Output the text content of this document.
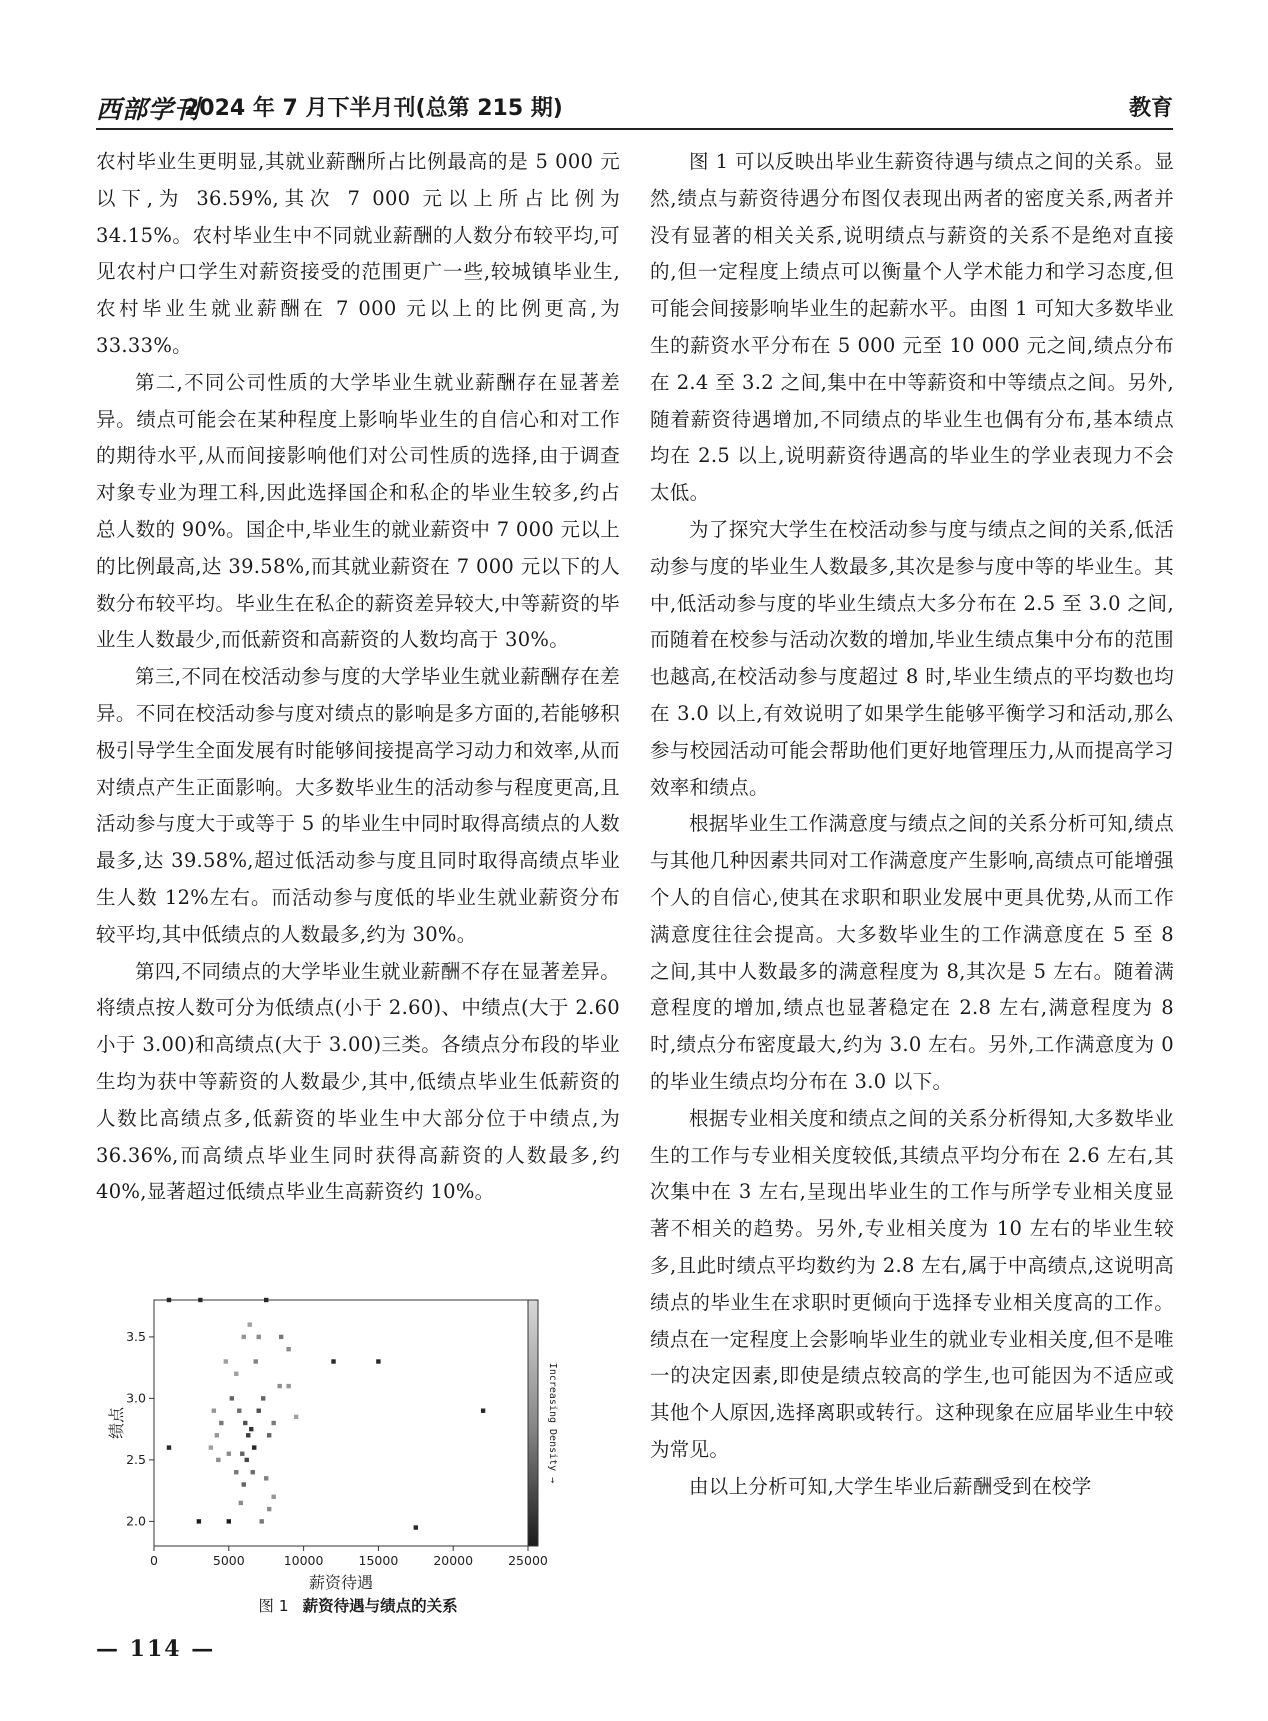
西部学刊
2024 年 7 月下半月刊(总第 215 期)	教育

农村毕业生更明显,其就业薪酬所占比例最高的是 5 000 元以下,为 36.59%,其次 7 000 元以上所占比例为 34.15%。农村毕业生中不同就业薪酬的人数分布较平均,可见农村户口学生对薪资接受的范围更广一些,较城镇毕业生,农村毕业生就业薪酬在 7 000 元以上的比例更高,为 33.33%。

第二,不同公司性质的大学毕业生就业薪酬存在显著差异。绩点可能会在某种程度上影响毕业生的自信心和对工作的期待水平,从而间接影响他们对公司性质的选择,由于调查对象专业为理工科,因此选择国企和私企的毕业生较多,约占总人数的 90%。国企中,毕业生的就业薪资中 7 000 元以上的比例最高,达 39.58%,而其就业薪资在 7 000 元以下的人数分布较平均。毕业生在私企的薪资差异较大,中等薪资的毕业生人数最少,而低薪资和高薪资的人数均高于 30%。

第三,不同在校活动参与度的大学毕业生就业薪酬存在差异。不同在校活动参与度对绩点的影响是多方面的,若能够积极引导学生全面发展有时能够间接提高学习动力和效率,从而对绩点产生正面影响。大多数毕业生的活动参与程度更高,且活动参与度大于或等于 5 的毕业生中同时取得高绩点的人数最多,达 39.58%,超过低活动参与度且同时取得高绩点毕业生人数 12%左右。而活动参与度低的毕业生就业薪资分布较平均,其中低绩点的人数最多,约为 30%。

第四,不同绩点的大学毕业生就业薪酬不存在显著差异。将绩点按人数可分为低绩点(小于 2.60)、中绩点(大于 2.60 小于 3.00)和高绩点(大于 3.00)三类。各绩点分布段的毕业生均为获中等薪资的人数最少,其中,低绩点毕业生低薪资的人数比高绩点多,低薪资的毕业生中大部分位于中绩点,为 36.36%,而高绩点毕业生同时获得高薪资的人数最多,约 40%,显著超过低绩点毕业生高薪资约 10%。

Increasing Density →
0	5000	10000	15000	20000	25000
2.0
2.5
3.0
3.5
薪资待遇
绩点
图 1 薪资待遇与绩点的关系

图 1 可以反映出毕业生薪资待遇与绩点之间的关系。显然,绩点与薪资待遇分布图仅表现出两者的密度关系,两者并没有显著的相关关系,说明绩点与薪资的关系不是绝对直接的,但一定程度上绩点可以衡量个人学术能力和学习态度,但可能会间接影响毕业生的起薪水平。由图 1 可知大多数毕业生的薪资水平分布在 5 000 元至 10 000 元之间,绩点分布在 2.4 至 3.2 之间,集中在中等薪资和中等绩点之间。另外,随着薪资待遇增加,不同绩点的毕业生也偶有分布,基本绩点均在 2.5 以上,说明薪资待遇高的毕业生的学业表现力不会太低。

为了探究大学生在校活动参与度与绩点之间的关系,低活动参与度的毕业生人数最多,其次是参与度中等的毕业生。其中,低活动参与度的毕业生绩点大多分布在 2.5 至 3.0 之间,而随着在校参与活动次数的增加,毕业生绩点集中分布的范围也越高,在校活动参与度超过 8 时,毕业生绩点的平均数也均在 3.0 以上,有效说明了如果学生能够平衡学习和活动,那么参与校园活动可能会帮助他们更好地管理压力,从而提高学习效率和绩点。

根据毕业生工作满意度与绩点之间的关系分析可知,绩点与其他几种因素共同对工作满意度产生影响,高绩点可能增强个人的自信心,使其在求职和职业发展中更具优势,从而工作满意度往往会提高。大多数毕业生的工作满意度在 5 至 8 之间,其中人数最多的满意程度为 8,其次是 5 左右。随着满意程度的增加,绩点也显著稳定在 2.8 左右,满意程度为 8 时,绩点分布密度最大,约为 3.0 左右。另外,工作满意度为 0 的毕业生绩点均分布在 3.0 以下。

根据专业相关度和绩点之间的关系分析得知,大多数毕业生的工作与专业相关度较低,其绩点平均分布在 2.6 左右,其次集中在 3 左右,呈现出毕业生的工作与所学专业相关度显著不相关的趋势。另外,专业相关度为 10 左右的毕业生较多,且此时绩点平均数约为 2.8 左右,属于中高绩点,这说明高绩点的毕业生在求职时更倾向于选择专业相关度高的工作。绩点在一定程度上会影响毕业生的就业专业相关度,但不是唯一的决定因素,即使是绩点较高的学生,也可能因为不适应或其他个人原因,选择离职或转行。这种现象在应届毕业生中较为常见。

由以上分析可知,大学生毕业后薪酬受到在校学

— 114 —
